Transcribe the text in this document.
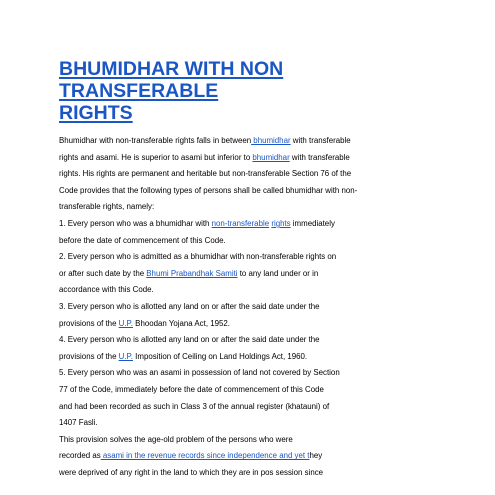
BHUMIDHAR WITH NON TRANSFERABLE
RIGHTS
Bhumidhar with non-transferable rights falls in between bhumidhar with transferable
rights and asami. He is superior to asami but inferior to bhumidhar with transferable
rights. His rights are permanent and heritable but non-transferable Section 76 of the
Code provides that the following types of persons shall be called bhumidhar with non-
transferable rights, namely:
1. Every person who was a bhumidhar with non-transferable rights immediately
before the date of commencement of this Code.
2. Every person who is admitted as a bhumidhar with non-transferable rights on
or after such date by the Bhumi Prabandhak Samiti to any land under or in
accordance with this Code.
3. Every person who is allotted any land on or after the said date under the
provisions of the U.P. Bhoodan Yojana Act, 1952.
4. Every person who is allotted any land on or after the said date under the
provisions of the U.P. Imposition of Ceiling on Land Holdings Act, 1960.
5. Every person who was an asami in possession of land not covered by Section
77 of the Code, immediately before the date of commencement of this Code
and had been recorded as such in Class 3 of the annual register (khatauni) of
1407 Fasli.
This provision solves the age-old problem of the persons who were
recorded as asami in the revenue records since independence and yet they
were deprived of any right in the land to which they are in pos session since
